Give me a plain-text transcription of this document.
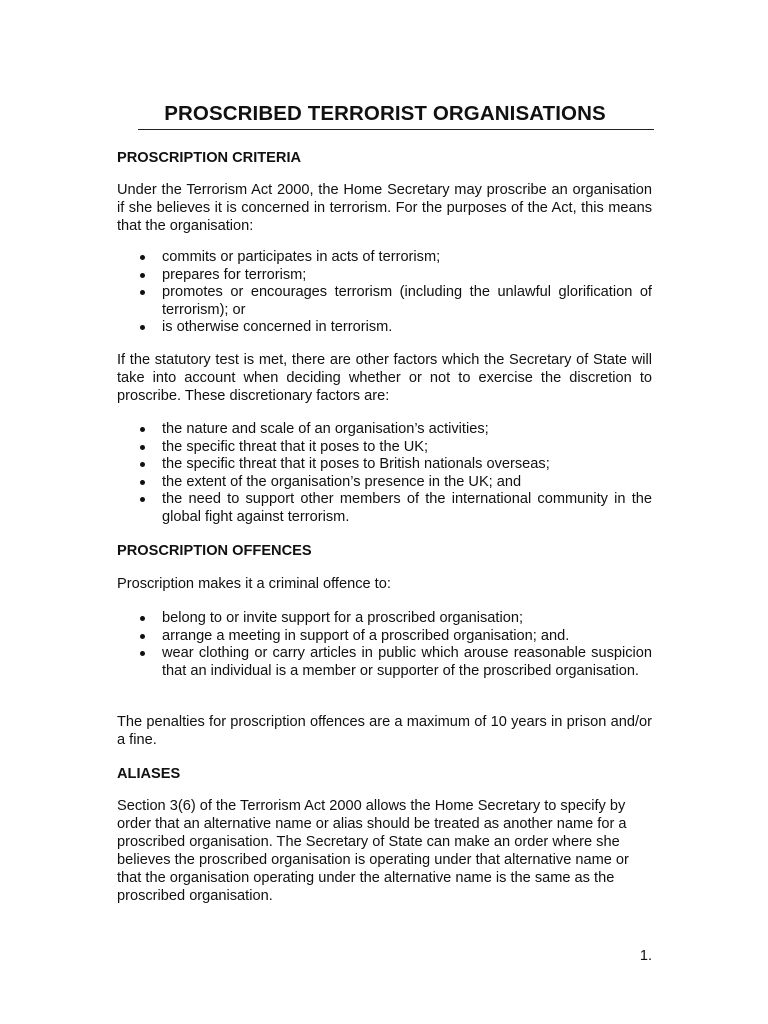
PROSCRIBED TERRORIST ORGANISATIONS
PROSCRIPTION CRITERIA

Under the Terrorism Act 2000, the Home Secretary may proscribe an organisation if she believes it is concerned in terrorism. For the purposes of the Act, this means that the organisation:

commits or participates in acts of terrorism;
prepares for terrorism;
promotes or encourages terrorism (including the unlawful glorification of terrorism); or
is otherwise concerned in terrorism.

If the statutory test is met, there are other factors which the Secretary of State will take into account when deciding whether or not to exercise the discretion to proscribe. These discretionary factors are:

the nature and scale of an organisation’s activities;
the specific threat that it poses to the UK;
the specific threat that it poses to British nationals overseas;
the extent of the organisation’s presence in the UK; and
the need to support other members of the international community in the global fight against terrorism.
PROSCRIPTION OFFENCES

Proscription makes it a criminal offence to:

belong to or invite support for a proscribed organisation;
arrange a meeting in support of a proscribed organisation; and.
wear clothing or carry articles in public which arouse reasonable suspicion that an individual is a member or supporter of the proscribed organisation.

The penalties for proscription offences are a maximum of 10 years in prison and/or a fine.

ALIASES

Section 3(6) of the Terrorism Act 2000 allows the Home Secretary to specify by order that an alternative name or alias should be treated as another name for a proscribed organisation. The Secretary of State can make an order where she believes the proscribed organisation is operating under that alternative name or that the organisation operating under the alternative name is the same as the proscribed organisation.

1.
